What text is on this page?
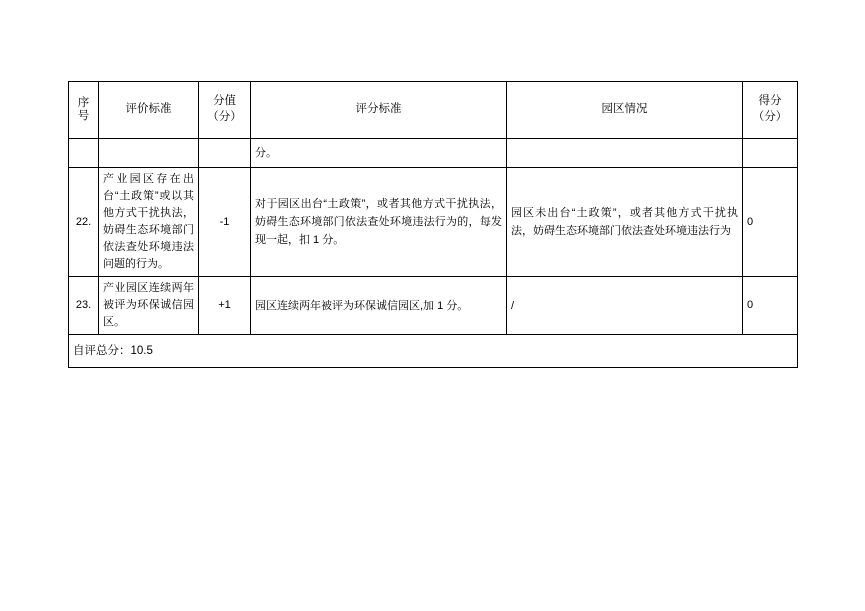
序号	评价标准	分值（分）	评分标准	园区情况	得分（分）
			分。		
22.	产业园区存在出台“土政策”或以其他方式干扰执法，妨碍生态环境部门依法查处环境违法问题的行为。	-1	对于园区出台“土政策”，或者其他方式干扰执法，妨碍生态环境部门依法查处环境违法行为的，每发现一起，扣 1 分。	园区未出台“土政策”，或者其他方式干扰执法，妨碍生态环境部门依法查处环境违法行为	0
23.	产业园区连续两年被评为环保诚信园区。	+1	园区连续两年被评为环保诚信园区,加 1 分。	/	0
自评总分：10.5					
